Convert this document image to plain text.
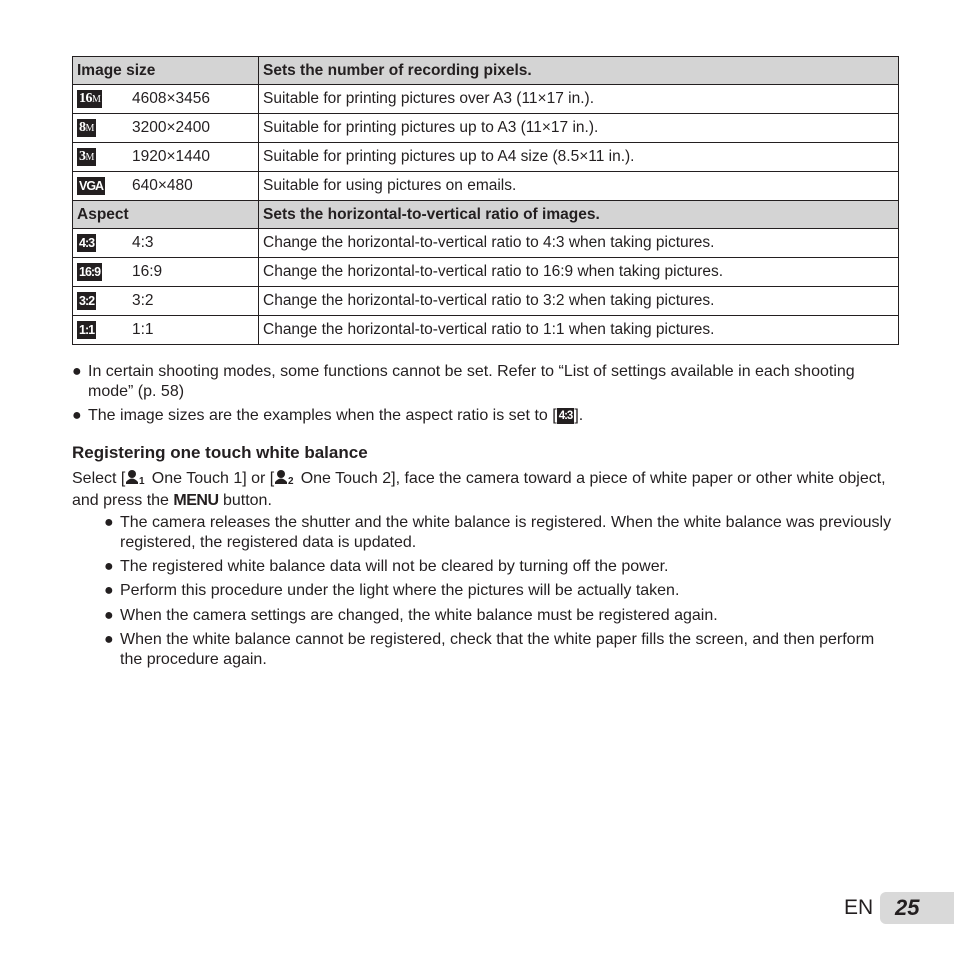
Image size	Sets the number of recording pixels.
16M 4608×3456	Suitable for printing pictures over A3 (11×17 in.).
8M 3200×2400	Suitable for printing pictures up to A3 (11×17 in.).
3M 1920×1440	Suitable for printing pictures up to A4 size (8.5×11 in.).
VGA 640×480	Suitable for using pictures on emails.
Aspect	Sets the horizontal-to-vertical ratio of images.
4:3 4:3	Change the horizontal-to-vertical ratio to 4:3 when taking pictures.
16:9 16:9	Change the horizontal-to-vertical ratio to 16:9 when taking pictures.
3:2 3:2	Change the horizontal-to-vertical ratio to 3:2 when taking pictures.
1:1 1:1	Change the horizontal-to-vertical ratio to 1:1 when taking pictures.

● In certain shooting modes, some functions cannot be set. Refer to “List of settings available in each shooting mode” (p. 58)

● The image sizes are the examples when the aspect ratio is set to [ 4:3 ].

Registering one touch white balance

Select [ 1 One Touch 1] or [ 2 One Touch 2], face the camera toward a piece of white paper or other white object, and press the MENU button.

● The camera releases the shutter and the white balance is registered. When the white balance was previously registered, the registered data is updated.

● The registered white balance data will not be cleared by turning off the power.

● Perform this procedure under the light where the pictures will be actually taken.

● When the camera settings are changed, the white balance must be registered again.

● When the white balance cannot be registered, check that the white paper fills the screen, and then perform the procedure again.

EN 25
